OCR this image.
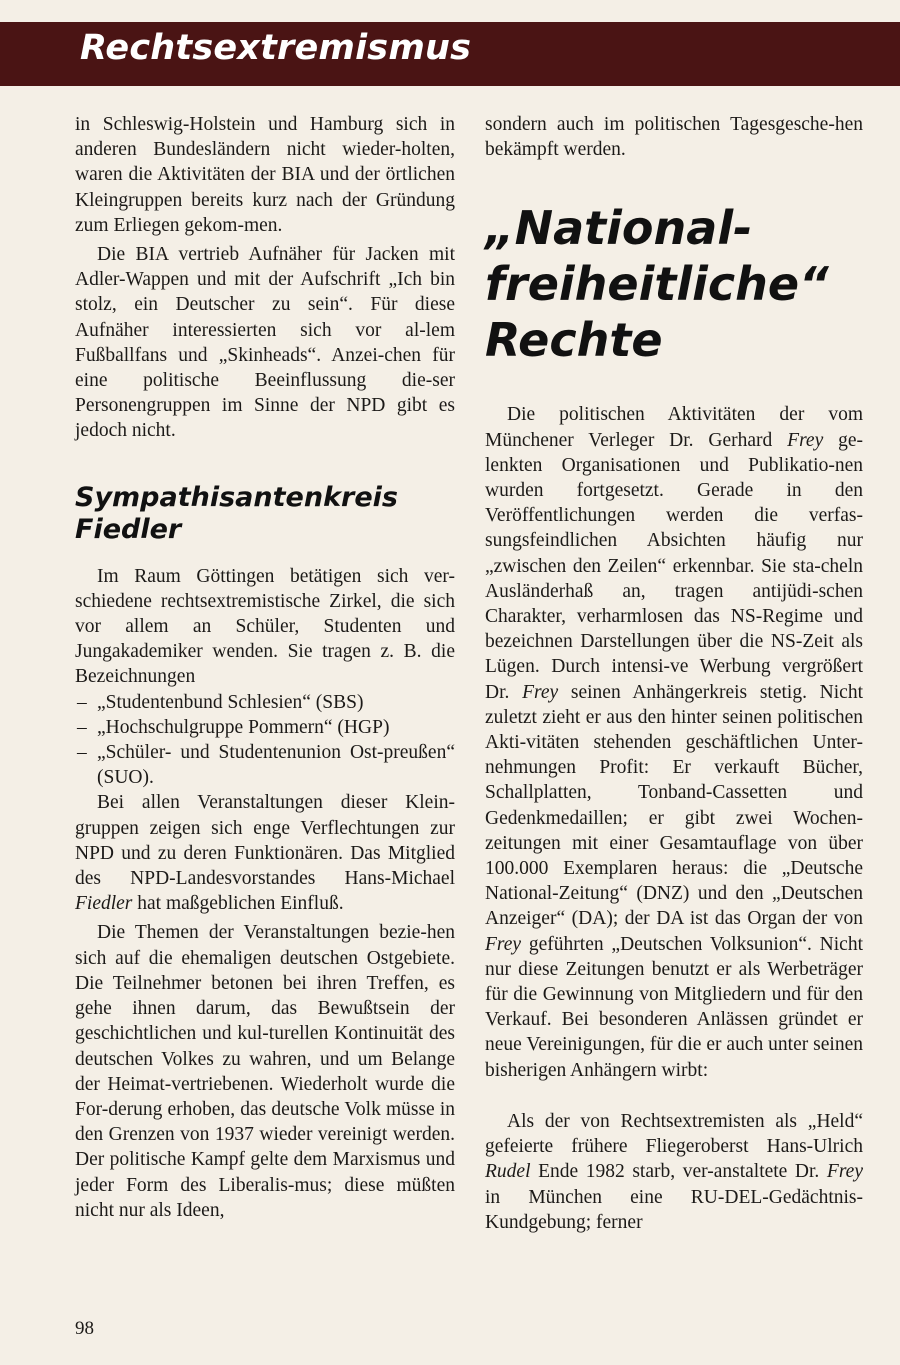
Rechtsextremismus

in Schleswig-Holstein und Hamburg sich in anderen Bundesländern nicht wieder-holten, waren die Aktivitäten der BIA und der örtlichen Kleingruppen bereits kurz nach der Gründung zum Erliegen gekom-men.

Die BIA vertrieb Aufnäher für Jacken mit Adler-Wappen und mit der Aufschrift „Ich bin stolz, ein Deutscher zu sein“. Für diese Aufnäher interessierten sich vor al-lem Fußballfans und „Skinheads“. Anzei-chen für eine politische Beeinflussung die-ser Personengruppen im Sinne der NPD gibt es jedoch nicht.

Sympathisantenkreis Fiedler

Im Raum Göttingen betätigen sich ver-schiedene rechtsextremistische Zirkel, die sich vor allem an Schüler, Studenten und Jungakademiker wenden. Sie tragen z. B. die Bezeichnungen

– „Studentenbund Schlesien“ (SBS)
– „Hochschulgruppe Pommern“ (HGP)
– „Schüler- und Studentenunion Ost-preußen“ (SUO).

Bei allen Veranstaltungen dieser Klein-gruppen zeigen sich enge Verflechtungen zur NPD und zu deren Funktionären. Das Mitglied des NPD-Landesvorstandes Hans-Michael Fiedler hat maßgeblichen Einfluß.

Die Themen der Veranstaltungen bezie-hen sich auf die ehemaligen deutschen Ostgebiete. Die Teilnehmer betonen bei ihren Treffen, es gehe ihnen darum, das Bewußtsein der geschichtlichen und kul-turellen Kontinuität des deutschen Volkes zu wahren, und um Belange der Heimat-vertriebenen. Wiederholt wurde die For-derung erhoben, das deutsche Volk müsse in den Grenzen von 1937 wieder vereinigt werden. Der politische Kampf gelte dem Marxismus und jeder Form des Liberalis-mus; diese müßten nicht nur als Ideen,

sondern auch im politischen Tagesgesche-hen bekämpft werden.

„National-
freiheitliche“
Rechte

Die politischen Aktivitäten der vom Münchener Verleger Dr. Gerhard Frey ge-lenkten Organisationen und Publikatio-nen wurden fortgesetzt. Gerade in den Veröffentlichungen werden die verfas-sungsfeindlichen Absichten häufig nur „zwischen den Zeilen“ erkennbar. Sie sta-cheln Ausländerhaß an, tragen antijüdi-schen Charakter, verharmlosen das NS-Regime und bezeichnen Darstellungen über die NS-Zeit als Lügen. Durch intensi-ve Werbung vergrößert Dr. Frey seinen Anhängerkreis stetig. Nicht zuletzt zieht er aus den hinter seinen politischen Akti-vitäten stehenden geschäftlichen Unter-nehmungen Profit: Er verkauft Bücher, Schallplatten, Tonband-Cassetten und Gedenkmedaillen; er gibt zwei Wochen-zeitungen mit einer Gesamtauflage von über 100.000 Exemplaren heraus: die „Deutsche National-Zeitung“ (DNZ) und den „Deutschen Anzeiger“ (DA); der DA ist das Organ der von Frey geführten „Deutschen Volksunion“. Nicht nur diese Zeitungen benutzt er als Werbeträger für die Gewinnung von Mitgliedern und für den Verkauf. Bei besonderen Anlässen gründet er neue Vereinigungen, für die er auch unter seinen bisherigen Anhängern wirbt:

Als der von Rechtsextremisten als „Held“ gefeierte frühere Fliegeroberst Hans-Ulrich Rudel Ende 1982 starb, ver-anstaltete Dr. Frey in München eine RU-DEL-Gedächtnis-Kundgebung; ferner

98
